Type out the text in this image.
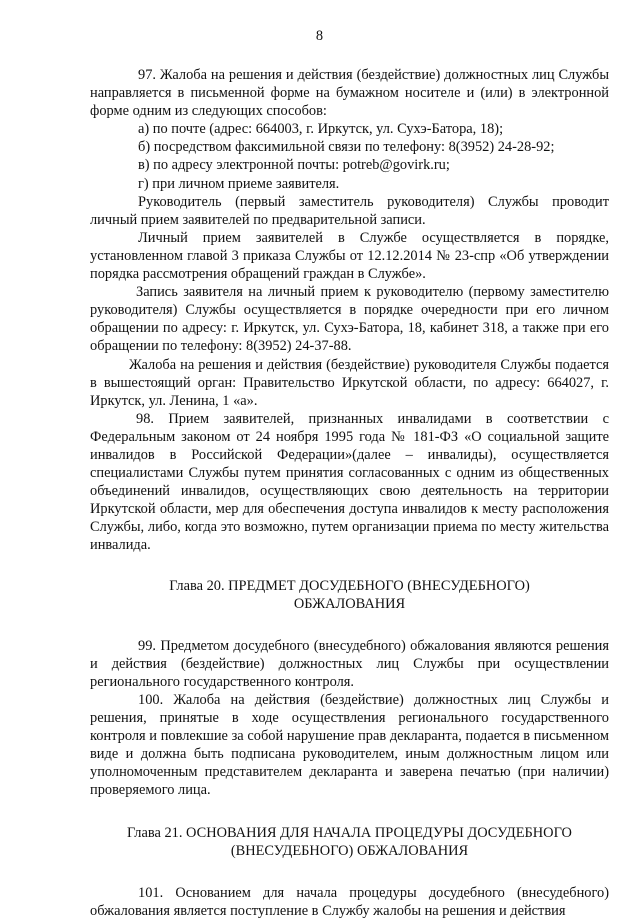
8

97. Жалоба на решения и действия (бездействие) должностных лиц Службы направляется в письменной форме на бумажном носителе и (или) в электронной форме одним из следующих способов:

а) по почте (адрес: 664003, г. Иркутск, ул. Сухэ-Батора, 18);

б) посредством факсимильной связи по телефону: 8(3952) 24-28-92;

в) по адресу электронной почты: potreb@govirk.ru;

г) при личном приеме заявителя.

Руководитель (первый заместитель руководителя) Службы проводит личный прием заявителей по предварительной записи.

Личный прием заявителей в Службе осуществляется в порядке, установленном главой 3 приказа Службы от 12.12.2014 № 23-спр «Об утверждении порядка рассмотрения обращений граждан в Службе».

Запись заявителя на личный прием к руководителю (первому заместителю руководителя) Службы осуществляется в порядке очередности при его личном обращении по адресу: г. Иркутск, ул. Сухэ-Батора, 18, кабинет 318, а также при его обращении по телефону: 8(3952) 24-37-88.

Жалоба на решения и действия (бездействие) руководителя Службы подается в вышестоящий орган: Правительство Иркутской области, по адресу: 664027, г. Иркутск, ул. Ленина, 1 «а».

98. Прием заявителей, признанных инвалидами в соответствии с Федеральным законом от 24 ноября 1995 года № 181-ФЗ «О социальной защите инвалидов в Российской Федерации»(далее – инвалиды), осуществляется специалистами Службы путем принятия согласованных с одним из общественных объединений инвалидов, осуществляющих свою деятельность на территории Иркутской области, мер для обеспечения доступа инвалидов к месту расположения Службы, либо, когда это возможно, путем организации приема по месту жительства инвалида.

Глава 20. ПРЕДМЕТ ДОСУДЕБНОГО (ВНЕСУДЕБНОГО)
ОБЖАЛОВАНИЯ

99. Предметом досудебного (внесудебного) обжалования являются решения и действия (бездействие) должностных лиц Службы при осуществлении регионального государственного контроля.

100. Жалоба на действия (бездействие) должностных лиц Службы и решения, принятые в ходе осуществления регионального государственного контроля и повлекшие за собой нарушение прав декларанта, подается в письменном виде и должна быть подписана руководителем, иным должностным лицом или уполномоченным представителем декларанта и заверена печатью (при наличии) проверяемого лица.

Глава 21. ОСНОВАНИЯ ДЛЯ НАЧАЛА ПРОЦЕДУРЫ ДОСУДЕБНОГО
(ВНЕСУДЕБНОГО) ОБЖАЛОВАНИЯ

101. Основанием для начала процедуры досудебного (внесудебного) обжалования является поступление в Службу жалобы на решения и действия
